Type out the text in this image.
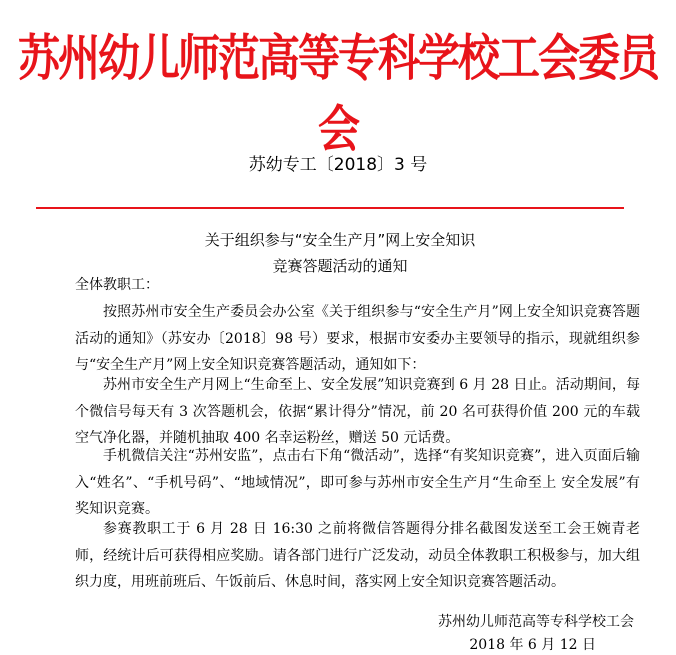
苏州幼儿师范高等专科学校工会委员会
苏幼专工〔2018〕3 号
关于组织参与“安全生产月”网上安全知识
竞赛答题活动的通知

全体教职工：

按照苏州市安全生产委员会办公室《关于组织参与“安全生产月”网上安全知识竞赛答题活动的通知》（苏安办〔2018〕98 号）要求，根据市安委办主要领导的指示，现就组织参与“安全生产月”网上安全知识竞赛答题活动，通知如下：

苏州市安全生产月网上“生命至上、安全发展”知识竞赛到 6 月 28 日止。活动期间，每个微信号每天有 3 次答题机会，依据“累计得分”情况，前 20 名可获得价值 200 元的车载空气净化器，并随机抽取 400 名幸运粉丝，赠送 50 元话费。

手机微信关注“苏州安监”，点击右下角“微活动”，选择“有奖知识竞赛”，进入页面后输入“姓名”、“手机号码”、“地域情况”，即可参与苏州市安全生产月“生命至上 安全发展”有奖知识竞赛。

参赛教职工于 6 月 28 日 16:30 之前将微信答题得分排名截图发送至工会王婉青老师，经统计后可获得相应奖励。请各部门进行广泛发动，动员全体教职工积极参与，加大组织力度，用班前班后、午饭前后、休息时间，落实网上安全知识竞赛答题活动。

苏州幼儿师范高等专科学校工会
2018 年 6 月 12 日
